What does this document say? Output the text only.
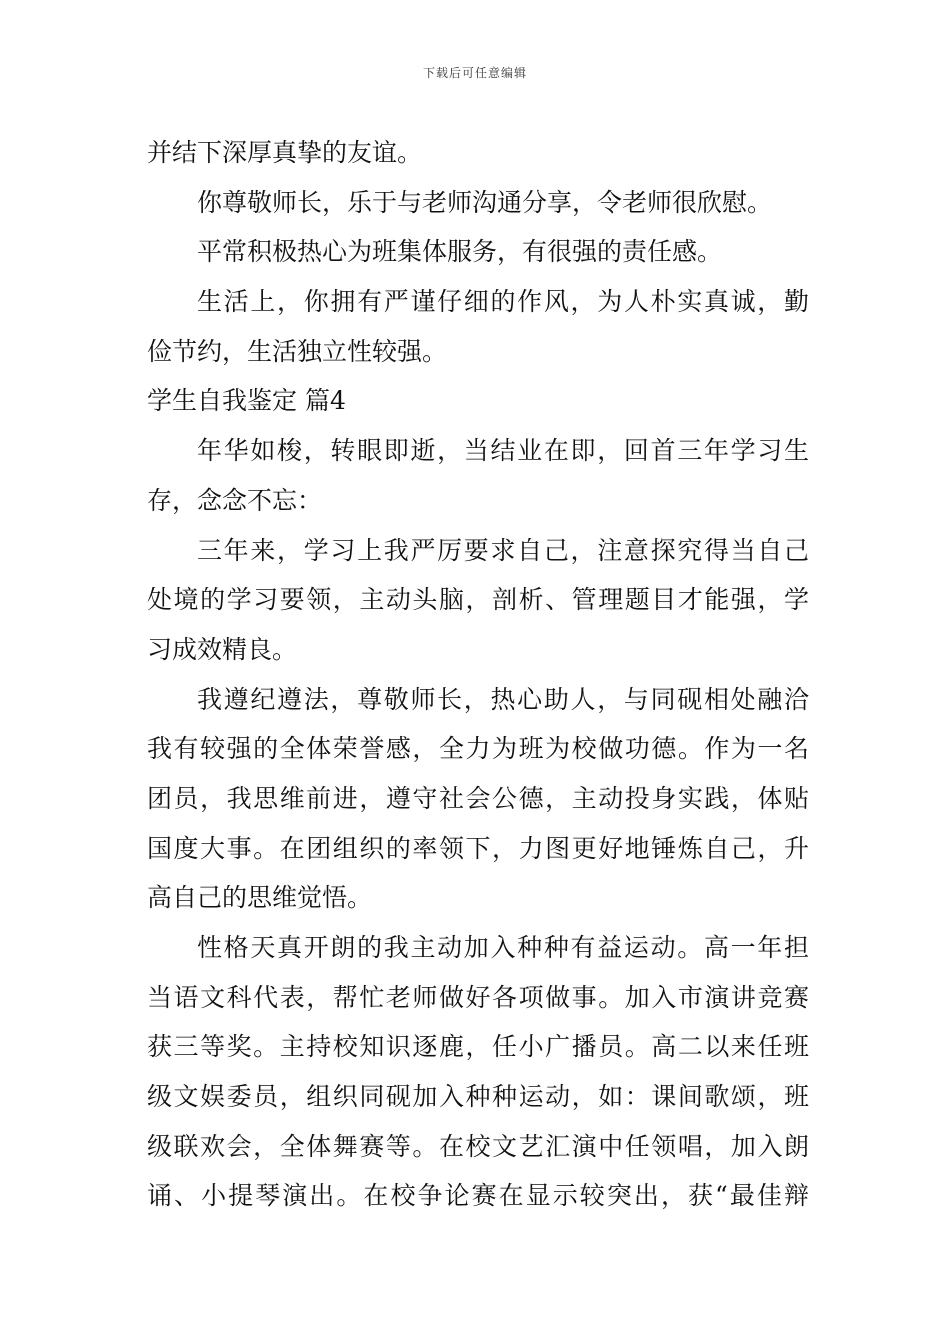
下载后可任意编辑
并结下深厚真挚的友谊。
你尊敬师长，乐于与老师沟通分享，令老师很欣慰。
平常积极热心为班集体服务，有很强的责任感。
生活上，你拥有严谨仔细的作风，为人朴实真诚，勤
俭节约，生活独立性较强。
学生自我鉴定 篇4
年华如梭，转眼即逝，当结业在即，回首三年学习生
存，念念不忘：
三年来，学习上我严厉要求自己，注意探究得当自己
处境的学习要领，主动头脑，剖析、管理题目才能强，学
习成效精良。
我遵纪遵法，尊敬师长，热心助人，与同砚相处融洽
我有较强的全体荣誉感，全力为班为校做功德。作为一名
团员，我思维前进，遵守社会公德，主动投身实践，体贴
国度大事。在团组织的率领下，力图更好地锤炼自己，升
高自己的思维觉悟。
性格天真开朗的我主动加入种种有益运动。高一年担
当语文科代表，帮忙老师做好各项做事。加入市演讲竞赛
获三等奖。主持校知识逐鹿，任小广播员。高二以来任班
级文娱委员，组织同砚加入种种运动，如：课间歌颂，班
级联欢会，全体舞赛等。在校文艺汇演中任领唱，加入朗
诵、小提琴演出。在校争论赛在显示较突出，获“最佳辩
